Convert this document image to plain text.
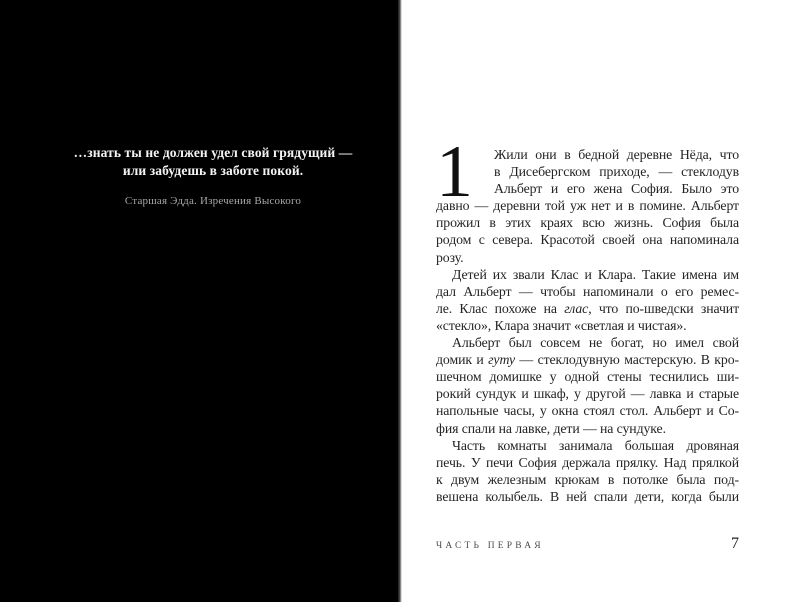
…знать ты не должен удел свой грядущий —
или забудешь в заботе покой.
Старшая Эдда. Изречения Высокого	1	Жили они в бедной деревне Нёда, что
в Дисебергском приходе, — стеклодув
Альберт и его жена София. Было это
давно — деревни той уж нет и в помине. Альберт
прожил в этих краях всю жизнь. София была
родом с севера. Красотой своей она напоминала
розу.
Детей их звали Клас и Клара. Такие имена им
дал Альберт — чтобы напоминали о его ремес-
ле. Клас похоже на глас, что по-шведски значит
«стекло», Клара значит «светлая и чистая».
Альберт был совсем не богат, но имел свой
домик и гуту — стеклодувную мастерскую. В кро-
шечном домишке у одной стены теснились ши-
рокий сундук и шкаф, у другой — лавка и старые
напольные часы, у окна стоял стол. Альберт и Со-
фия спали на лавке, дети — на сундуке.
Часть комнаты занимала большая дровяная
печь. У печи София держала прялку. Над прялкой
к двум железным крюкам в потолке была под-
вешена колыбель. В ней спали дети, когда были
ЧАСТЬ ПЕРВАЯ	7
